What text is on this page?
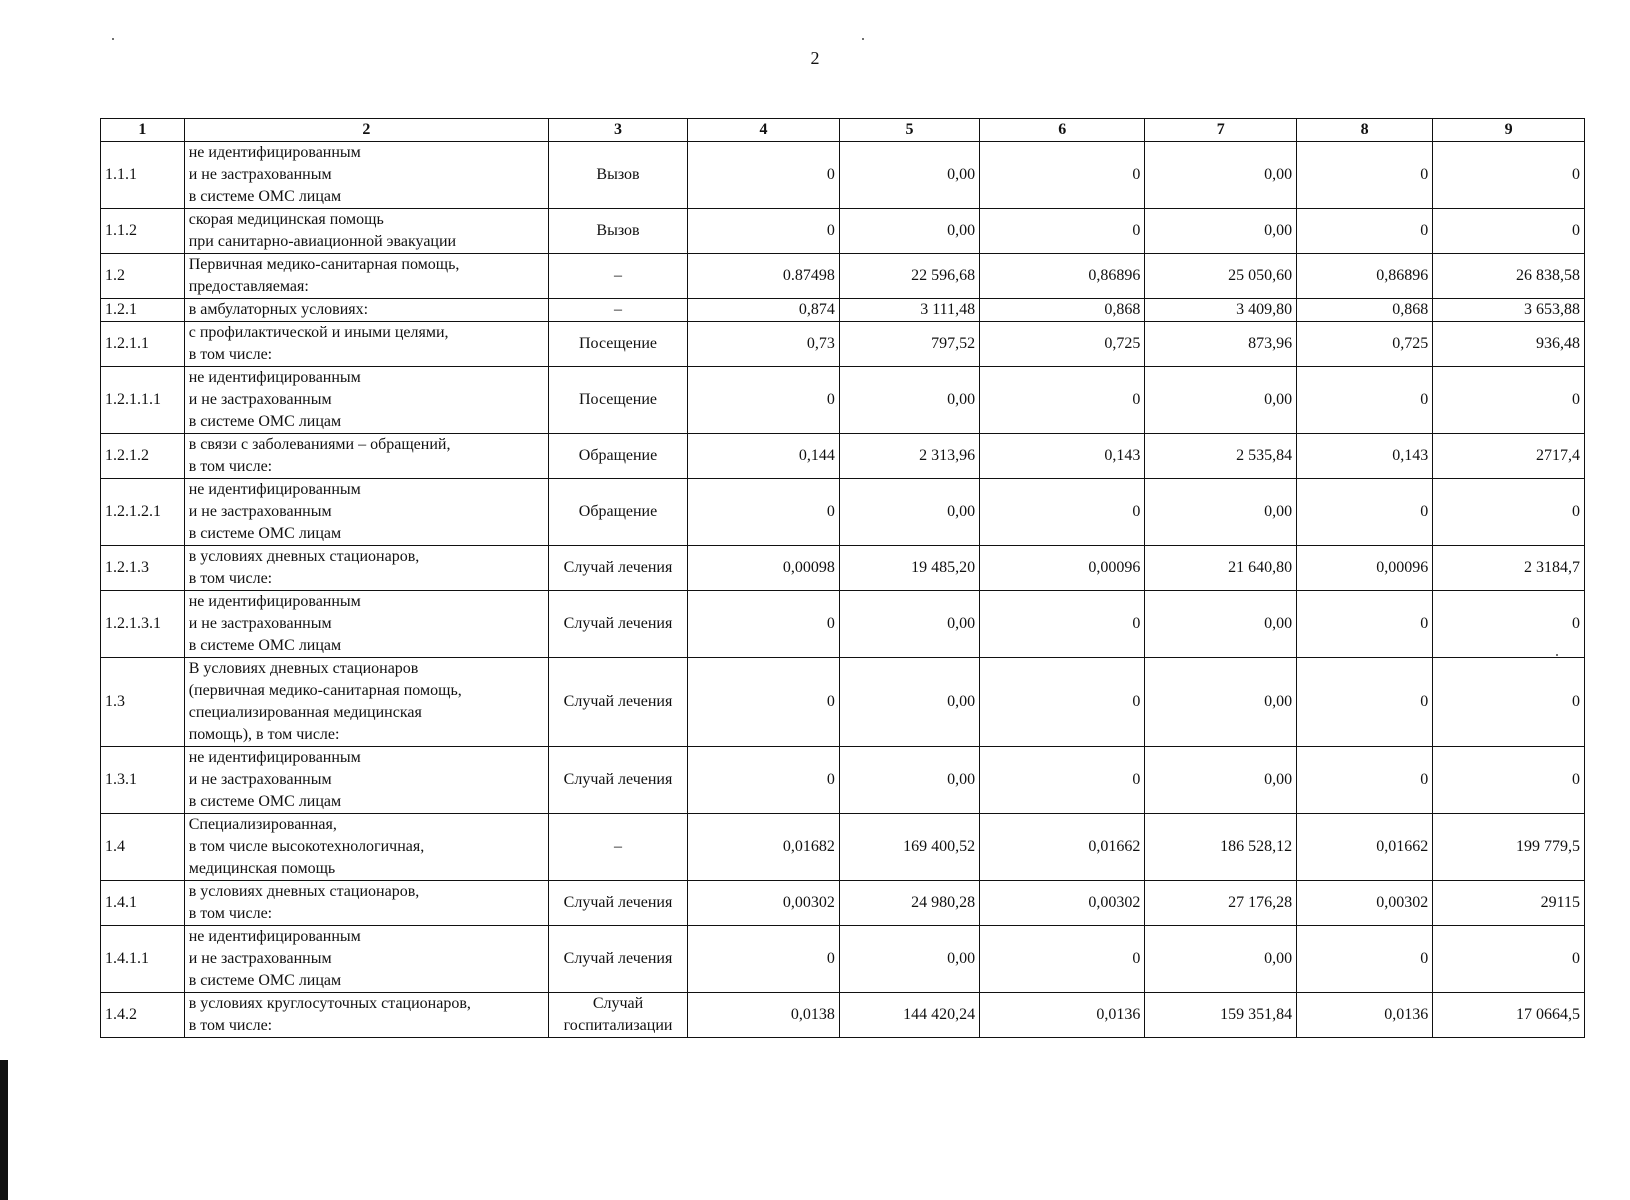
2
1	2	3	4	5	6	7	8	9
1.1.1	не идентифицированным
и не застрахованным
в системе ОМС лицам	Вызов	0	0,00	0	0,00	0	0
1.1.2	скорая медицинская помощь
при санитарно-авиационной эвакуации	Вызов	0	0,00	0	0,00	0	0
1.2	Первичная медико-санитарная помощь,
предоставляемая:	–	0.87498	22 596,68	0,86896	25 050,60	0,86896	26 838,58
1.2.1	в амбулаторных условиях:	–	0,874	3 111,48	0,868	3 409,80	0,868	3 653,88
1.2.1.1	с профилактической и иными целями,
в том числе:	Посещение	0,73	797,52	0,725	873,96	0,725	936,48
1.2.1.1.1	не идентифицированным
и не застрахованным
в системе ОМС лицам	Посещение	0	0,00	0	0,00	0	0
1.2.1.2	в связи с заболеваниями – обращений,
в том числе:	Обращение	0,144	2 313,96	0,143	2 535,84	0,143	2717,4
1.2.1.2.1	не идентифицированным
и не застрахованным
в системе ОМС лицам	Обращение	0	0,00	0	0,00	0	0
1.2.1.3	в условиях дневных стационаров,
в том числе:	Случай лечения	0,00098	19 485,20	0,00096	21 640,80	0,00096	2 3184,7
1.2.1.3.1	не идентифицированным
и не застрахованным
в системе ОМС лицам	Случай лечения	0	0,00	0	0,00	0	0
1.3	В условиях дневных стационаров
(первичная медико-санитарная помощь,
специализированная медицинская
помощь), в том числе:	Случай лечения	0	0,00	0	0,00	0	0
1.3.1	не идентифицированным
и не застрахованным
в системе ОМС лицам	Случай лечения	0	0,00	0	0,00	0	0
1.4	Специализированная,
в том числе высокотехнологичная,
медицинская помощь	–	0,01682	169 400,52	0,01662	186 528,12	0,01662	199 779,5
1.4.1	в условиях дневных стационаров,
в том числе:	Случай лечения	0,00302	24 980,28	0,00302	27 176,28	0,00302	29115
1.4.1.1	не идентифицированным
и не застрахованным
в системе ОМС лицам	Случай лечения	0	0,00	0	0,00	0	0
1.4.2	в условиях круглосуточных стационаров,
в том числе:	Случай госпитализации	0,0138	144 420,24	0,0136	159 351,84	0,0136	17 0664,5
